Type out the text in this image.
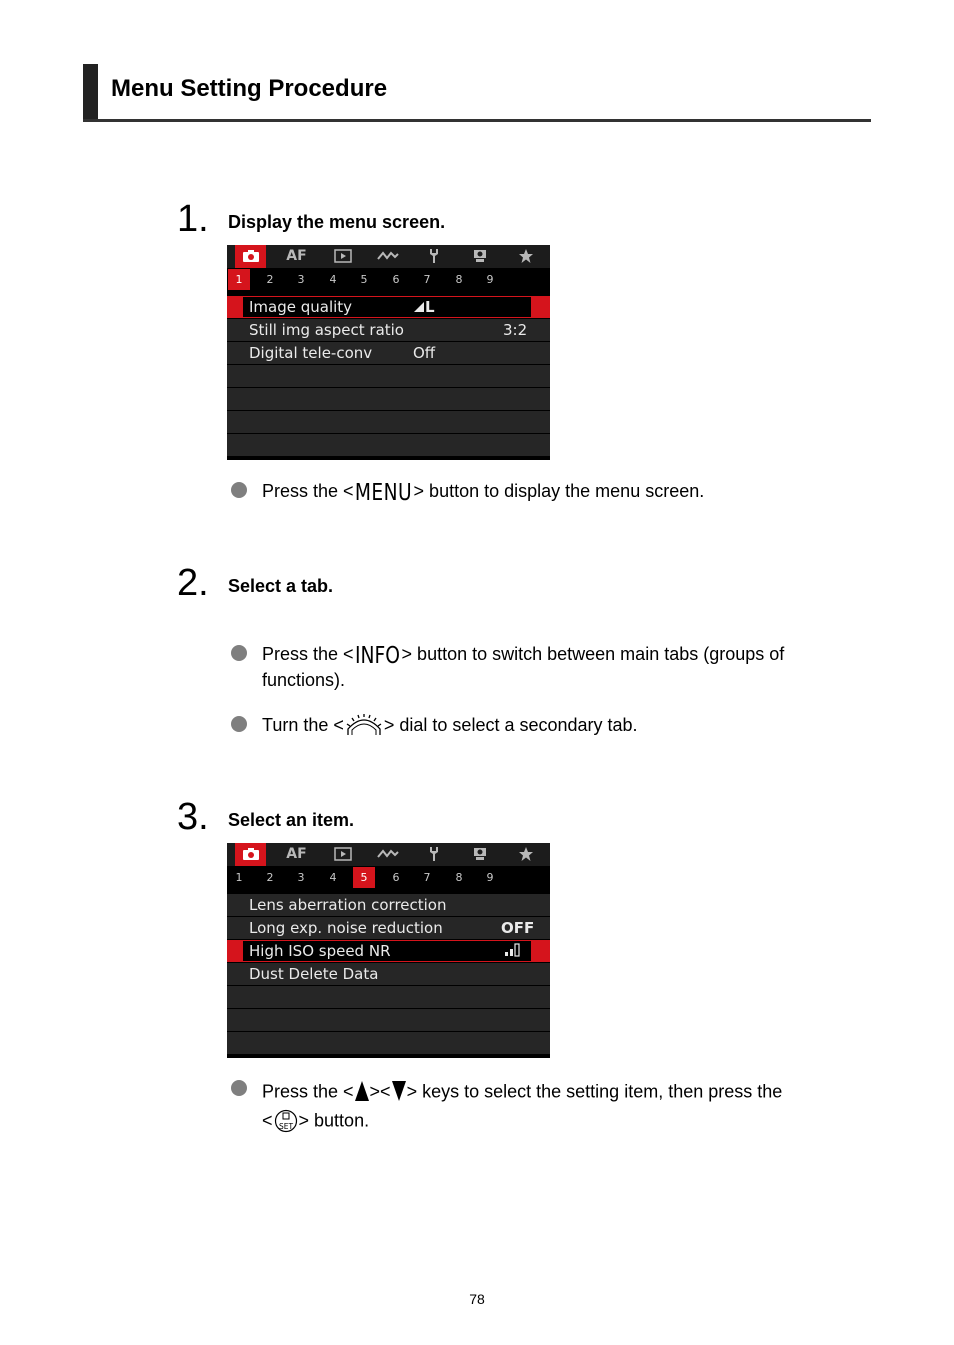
Menu Setting Procedure
1. Display the menu screen.
AF
1	2	3	4	5	6	7	8	9
Image quality	L
Still img aspect ratio	3:2
Digital tele-conv	Off
Press the < MENU > button to display the menu screen.
2. Select a tab.
Press the < INFO > button to switch between main tabs (groups of
functions).
Turn the < > dial to select a secondary tab.
3. Select an item.
AF
1	2	3	4	5	6	7	8	9
Lens aberration correction
Long exp. noise reduction	OFF
High ISO speed NR
Dust Delete Data
Press the < >< > keys to select the setting item, then press the
< SET > button.
78
